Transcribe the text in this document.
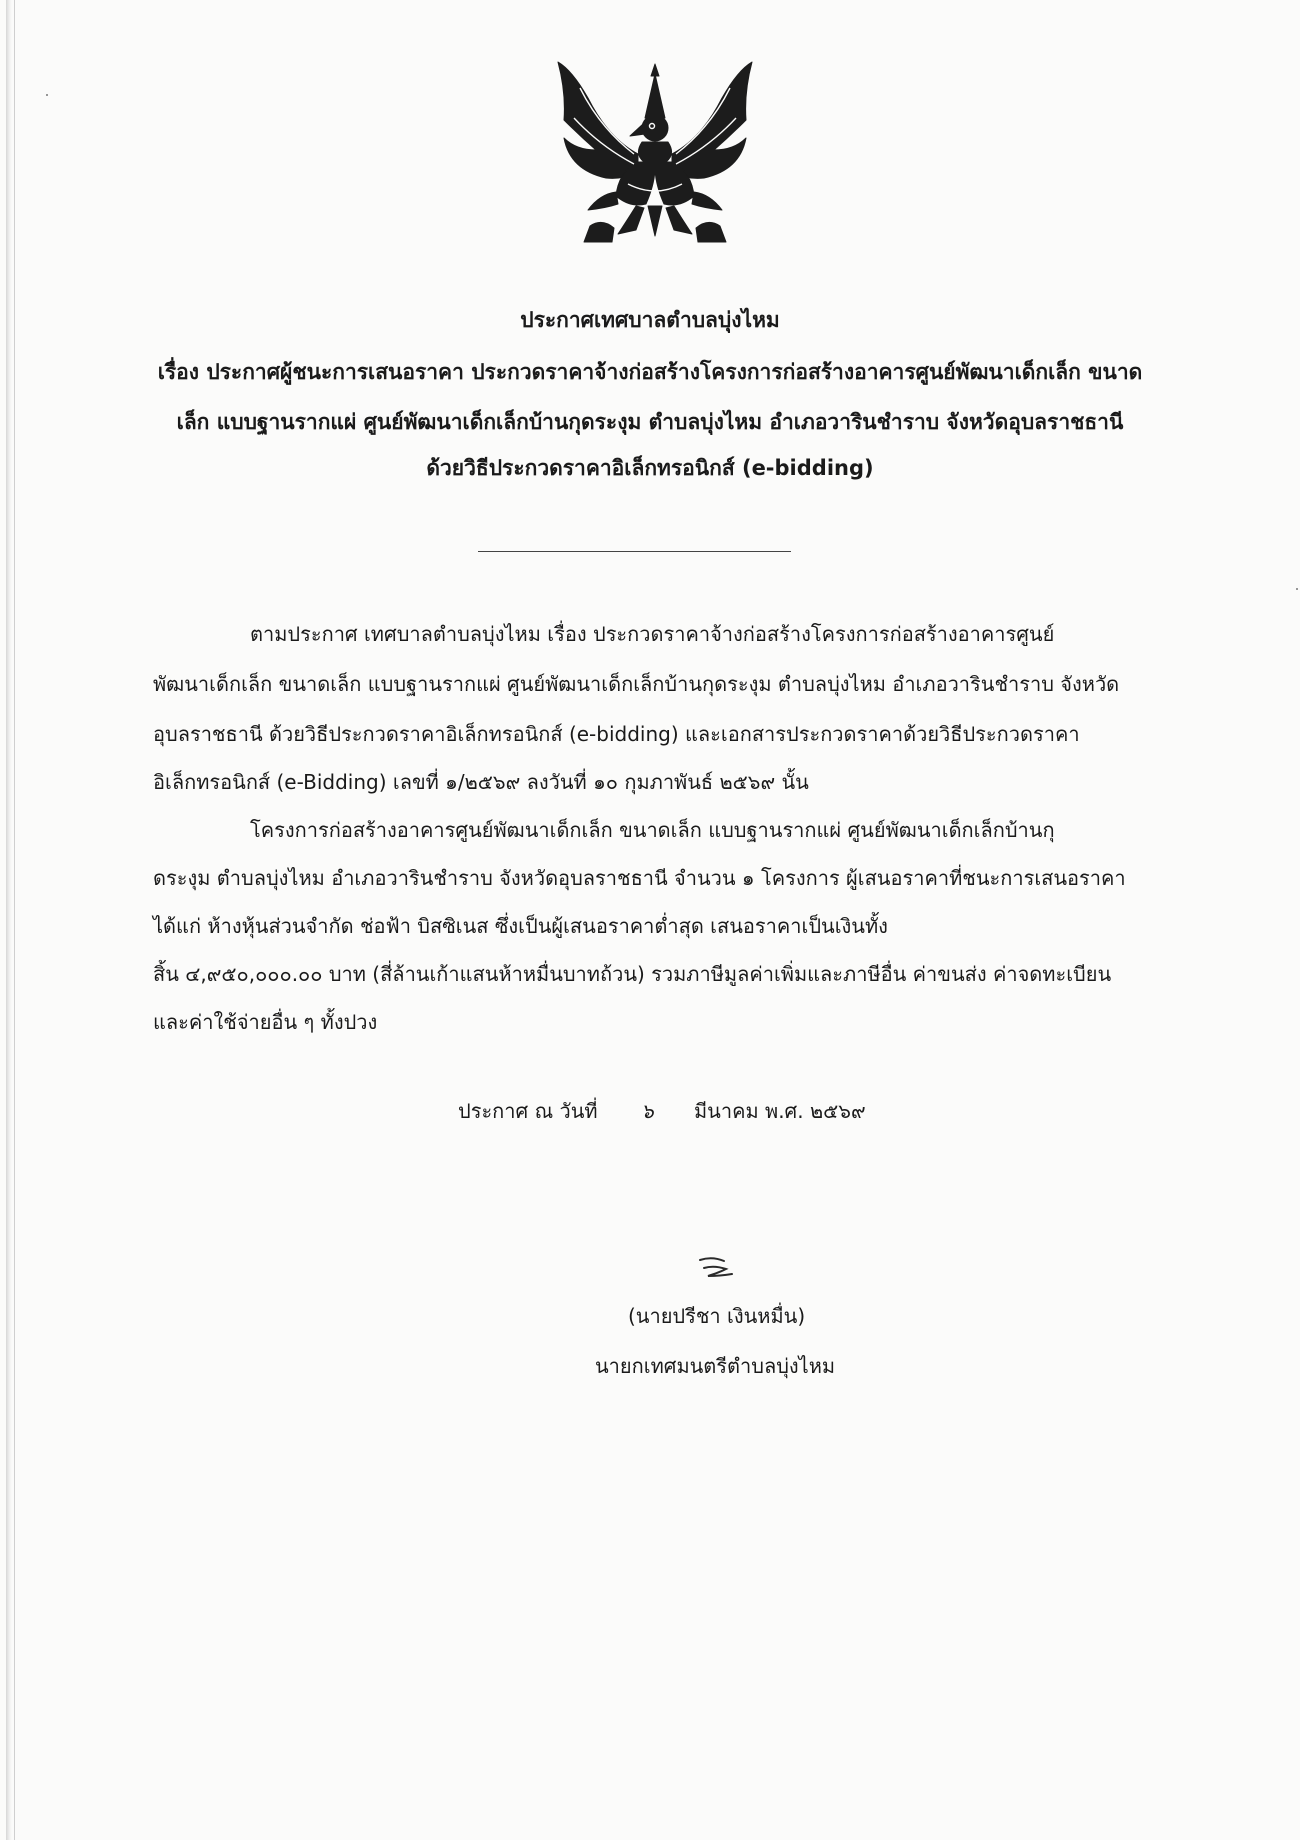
ประกาศเทศบาลตำบลบุ่งไหม
เรื่อง ประกาศผู้ชนะการเสนอราคา ประกวดราคาจ้างก่อสร้างโครงการก่อสร้างอาคารศูนย์พัฒนาเด็กเล็ก ขนาด
เล็ก แบบฐานรากแผ่ ศูนย์พัฒนาเด็กเล็กบ้านกุดระงุม ตำบลบุ่งไหม อำเภอวารินชำราบ จังหวัดอุบลราชธานี
ด้วยวิธีประกวดราคาอิเล็กทรอนิกส์ (e-bidding)
ตามประกาศ เทศบาลตำบลบุ่งไหม เรื่อง ประกวดราคาจ้างก่อสร้างโครงการก่อสร้างอาคารศูนย์
พัฒนาเด็กเล็ก ขนาดเล็ก แบบฐานรากแผ่ ศูนย์พัฒนาเด็กเล็กบ้านกุดระงุม ตำบลบุ่งไหม อำเภอวารินชำราบ จังหวัด
อุบลราชธานี ด้วยวิธีประกวดราคาอิเล็กทรอนิกส์ (e-bidding) และเอกสารประกวดราคาด้วยวิธีประกวดราคา
อิเล็กทรอนิกส์ (e-Bidding) เลขที่ ๑/๒๕๖๙ ลงวันที่ ๑๐ กุมภาพันธ์ ๒๕๖๙ นั้น
โครงการก่อสร้างอาคารศูนย์พัฒนาเด็กเล็ก ขนาดเล็ก แบบฐานรากแผ่ ศูนย์พัฒนาเด็กเล็กบ้านกุ
ดระงุม ตำบลบุ่งไหม อำเภอวารินชำราบ จังหวัดอุบลราชธานี จำนวน ๑ โครงการ ผู้เสนอราคาที่ชนะการเสนอราคา
ได้แก่ ห้างหุ้นส่วนจำกัด ช่อฟ้า บิสซิเนส ซึ่งเป็นผู้เสนอราคาต่ำสุด เสนอราคาเป็นเงินทั้ง
สิ้น ๔,๙๕๐,๐๐๐.๐๐ บาท (สี่ล้านเก้าแสนห้าหมื่นบาทถ้วน) รวมภาษีมูลค่าเพิ่มและภาษีอื่น ค่าขนส่ง ค่าจดทะเบียน
และค่าใช้จ่ายอื่น ๆ ทั้งปวง
ประกาศ ณ วันที่ ๖ มีนาคม พ.ศ. ๒๕๖๙
(นายปรีชา เงินหมื่น)
นายกเทศมนตรีตำบลบุ่งไหม
